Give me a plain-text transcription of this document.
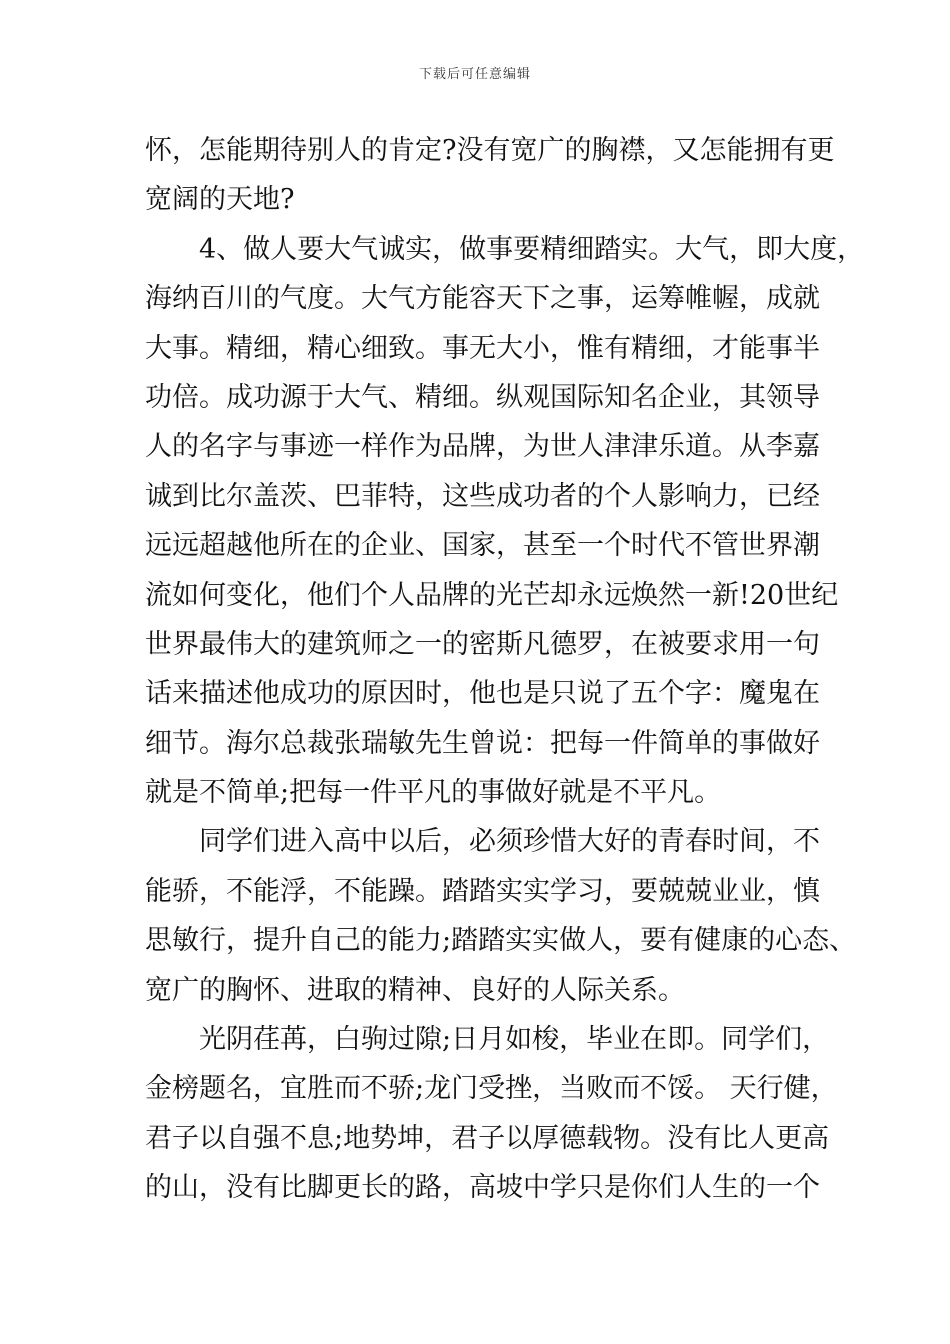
下载后可任意编辑
怀，怎能期待别人的肯定?没有宽广的胸襟，又怎能拥有更
宽阔的天地?
4、做人要大气诚实，做事要精细踏实。大气，即大度，
海纳百川的气度。大气方能容天下之事，运筹帷幄，成就
大事。精细，精心细致。事无大小，惟有精细，才能事半
功倍。成功源于大气、精细。纵观国际知名企业，其领导
人的名字与事迹一样作为品牌，为世人津津乐道。从李嘉
诚到比尔盖茨、巴菲特，这些成功者的个人影响力，已经
远远超越他所在的企业、国家，甚至一个时代不管世界潮
流如何变化，他们个人品牌的光芒却永远焕然一新!20世纪
世界最伟大的建筑师之一的密斯凡德罗，在被要求用一句
话来描述他成功的原因时，他也是只说了五个字：魔鬼在
细节。海尔总裁张瑞敏先生曾说：把每一件简单的事做好
就是不简单;把每一件平凡的事做好就是不平凡。
同学们进入高中以后，必须珍惜大好的青春时间，不
能骄，不能浮，不能躁。踏踏实实学习，要兢兢业业，慎
思敏行，提升自己的能力;踏踏实实做人，要有健康的心态、
宽广的胸怀、进取的精神、良好的人际关系。
光阴荏苒，白驹过隙;日月如梭，毕业在即。同学们，
金榜题名，宜胜而不骄;龙门受挫，当败而不馁。 天行健，
君子以自强不息;地势坤，君子以厚德载物。没有比人更高
的山，没有比脚更长的路，高坡中学只是你们人生的一个
